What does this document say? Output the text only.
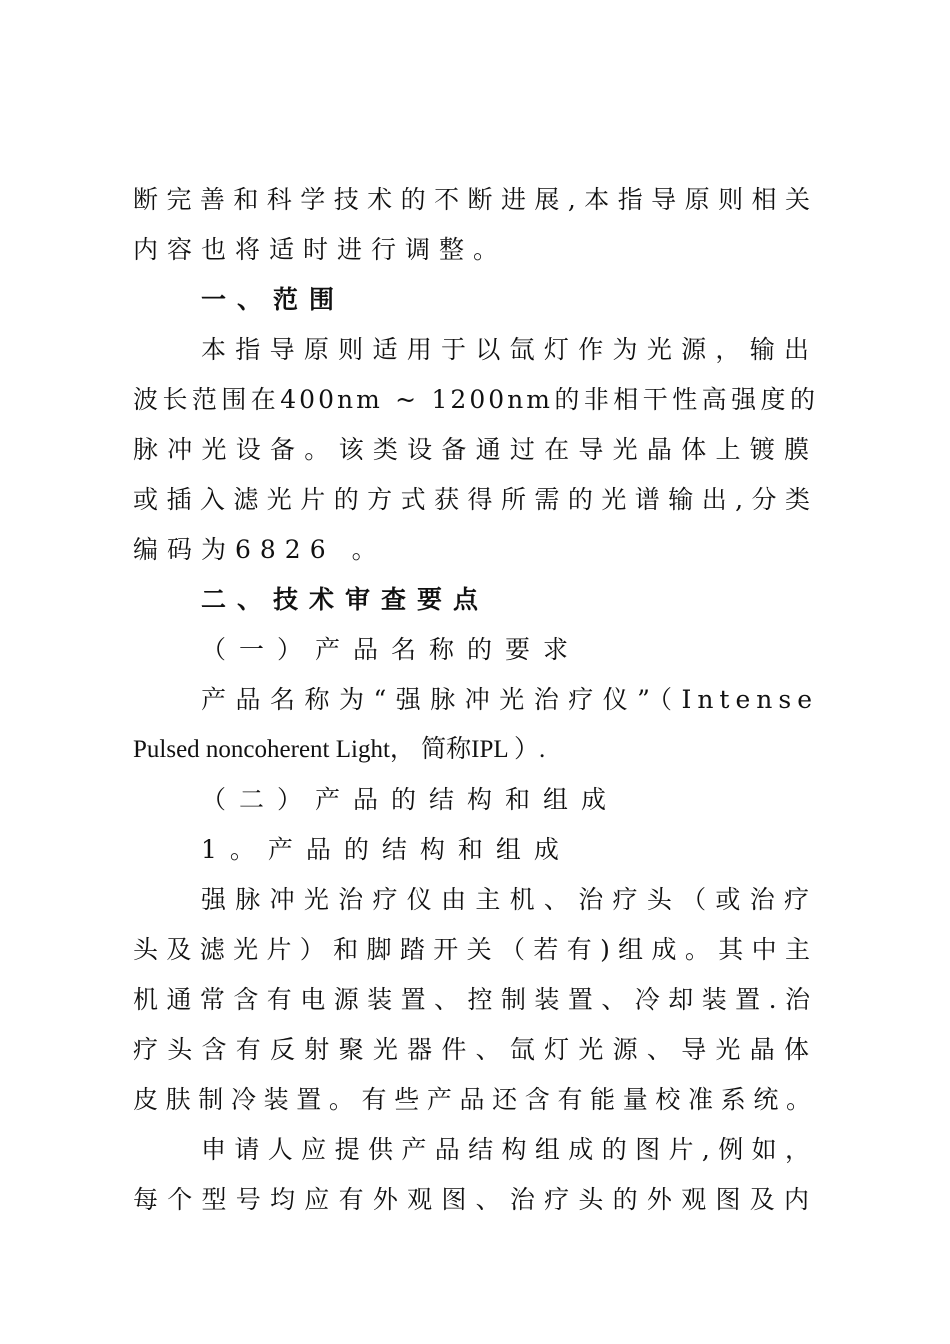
断完善和科学技术的不断进展,本指导原则相关
内容也将适时进行调整。
一、范围
本指导原则适用于以氙灯作为光源，输出
波长范围在400nm ~ 1200nm的非相干性高强度的
脉冲光设备。该类设备通过在导光晶体上镀膜
或插入滤光片的方式获得所需的光谱输出,分类
编码为6826 。
二、技术审查要点
（一）产品名称的要求
产品名称为“强脉冲光治疗仪”（Intense
Pulsed noncoherent Light， 简称IPL ）.
（二）产品的结构和组成
1。产品的结构和组成
强脉冲光治疗仪由主机、治疗头（或治疗
头及滤光片）和脚踏开关（若有)组成。其中主
机通常含有电源装置、控制装置、冷却装置.治
疗头含有反射聚光器件、氙灯光源、导光晶体
皮肤制冷装置。有些产品还含有能量校准系统。
申请人应提供产品结构组成的图片,例如，
每个型号均应有外观图、治疗头的外观图及内
